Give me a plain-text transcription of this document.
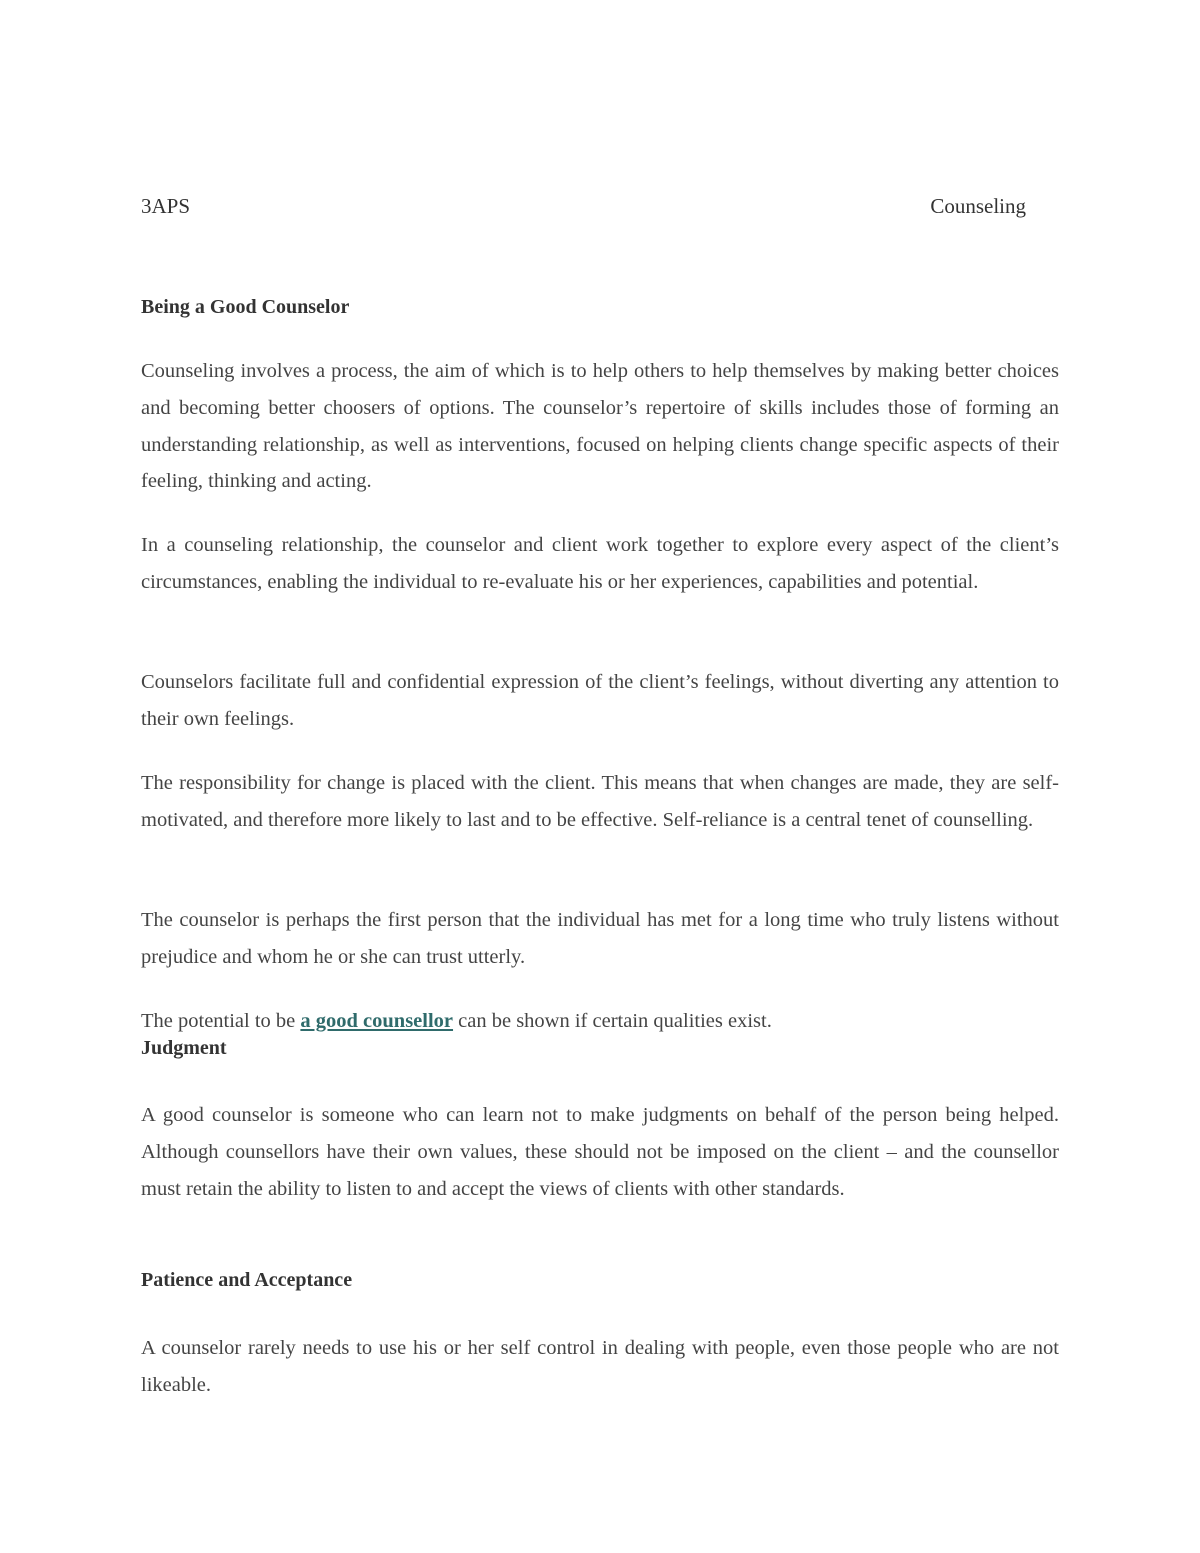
3APS	Counseling
Being a Good Counselor

Counseling involves a process, the aim of which is to help others to help themselves by making better choices and becoming better choosers of options. The counselor’s repertoire of skills includes those of forming an understanding relationship, as well as interventions, focused on helping clients change specific aspects of their feeling, thinking and acting.

In a counseling relationship, the counselor and client work together to explore every aspect of the client’s circumstances, enabling the individual to re-evaluate his or her experiences, capabilities and potential.

Counselors facilitate full and confidential expression of the client’s feelings, without diverting any attention to their own feelings.

The responsibility for change is placed with the client. This means that when changes are made, they are self-motivated, and therefore more likely to last and to be effective. Self-reliance is a central tenet of counselling.

The counselor is perhaps the first person that the individual has met for a long time who truly listens without prejudice and whom he or she can trust utterly.

The potential to be a good counsellor can be shown if certain qualities exist.

Judgment

A good counselor is someone who can learn not to make judgments on behalf of the person being helped. Although counsellors have their own values, these should not be imposed on the client – and the counsellor must retain the ability to listen to and accept the views of clients with other standards.

Patience and Acceptance

A counselor rarely needs to use his or her self control in dealing with people, even those people who are not likeable.
